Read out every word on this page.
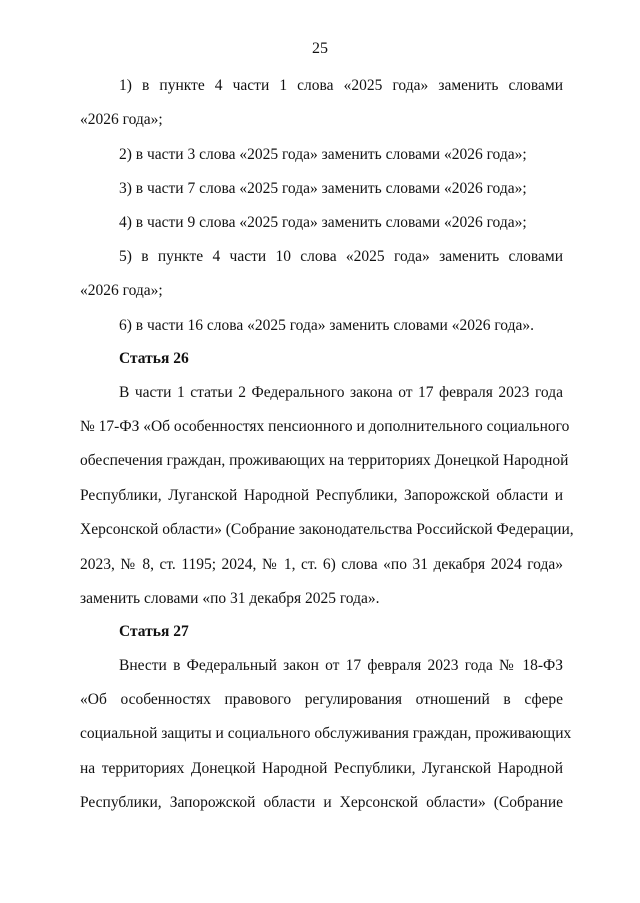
25
1) в пункте 4 части 1 слова «2025 года» заменить словами
«2026 года»;
2) в части 3 слова «2025 года» заменить словами «2026 года»;
3) в части 7 слова «2025 года» заменить словами «2026 года»;
4) в части 9 слова «2025 года» заменить словами «2026 года»;
5) в пункте 4 части 10 слова «2025 года» заменить словами
«2026 года»;
6) в части 16 слова «2025 года» заменить словами «2026 года».
Статья 26
В части 1 статьи 2 Федерального закона от 17 февраля 2023 года
№ 17-ФЗ «Об особенностях пенсионного и дополнительного социального
обеспечения граждан, проживающих на территориях Донецкой Народной
Республики, Луганской Народной Республики, Запорожской области и
Херсонской области» (Собрание законодательства Российской Федерации,
2023, № 8, ст. 1195; 2024, № 1, ст. 6) слова «по 31 декабря 2024 года»
заменить словами «по 31 декабря 2025 года».
Статья 27
Внести в Федеральный закон от 17 февраля 2023 года № 18-ФЗ
«Об особенностях правового регулирования отношений в сфере
социальной защиты и социального обслуживания граждан, проживающих
на территориях Донецкой Народной Республики, Луганской Народной
Республики, Запорожской области и Херсонской области» (Собрание
